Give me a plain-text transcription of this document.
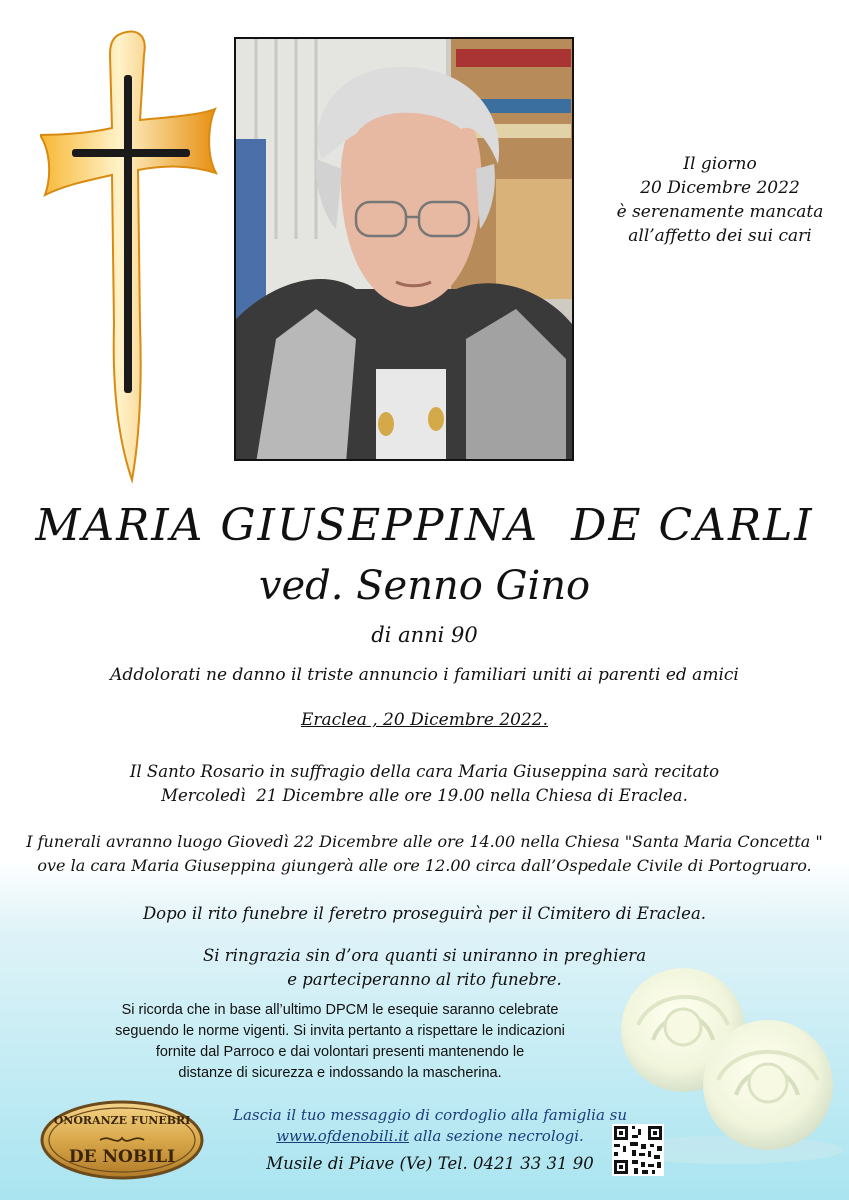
Il giorno
20 Dicembre 2022
è serenamente mancata
all’affetto dei sui cari
MARIA GIUSEPPINA  DE CARLI
ved. Senno Gino
di anni 90
Addolorati ne danno il triste annuncio i familiari uniti ai parenti ed amici
Eraclea , 20 Dicembre 2022.
Il Santo Rosario in suffragio della cara Maria Giuseppina sarà recitato
Mercoledì  21 Dicembre alle ore 19.00 nella Chiesa di Eraclea.
I funerali avranno luogo Giovedì 22 Dicembre alle ore 14.00 nella Chiesa "Santa Maria Concetta "
ove la cara Maria Giuseppina giungerà alle ore 12.00 circa dall’Ospedale Civile di Portogruaro.
Dopo il rito funebre il feretro proseguirà per il Cimitero di Eraclea.
Si ringrazia sin d’ora quanti si uniranno in preghiera
e parteciperanno al rito funebre.
Si ricorda che in base all’ultimo DPCM le esequie saranno celebrate
seguendo le norme vigenti. Si invita pertanto a rispettare le indicazioni
fornite dal Parroco e dai volontari presenti mantenendo le
distanze di sicurezza e indossando la mascherina.
ONORANZE FUNEBRI
DE NOBILI
Lascia il tuo messaggio di cordoglio alla famiglia su
www.ofdenobili.it alla sezione necrologi.
Musile di Piave (Ve) Tel. 0421 33 31 90
